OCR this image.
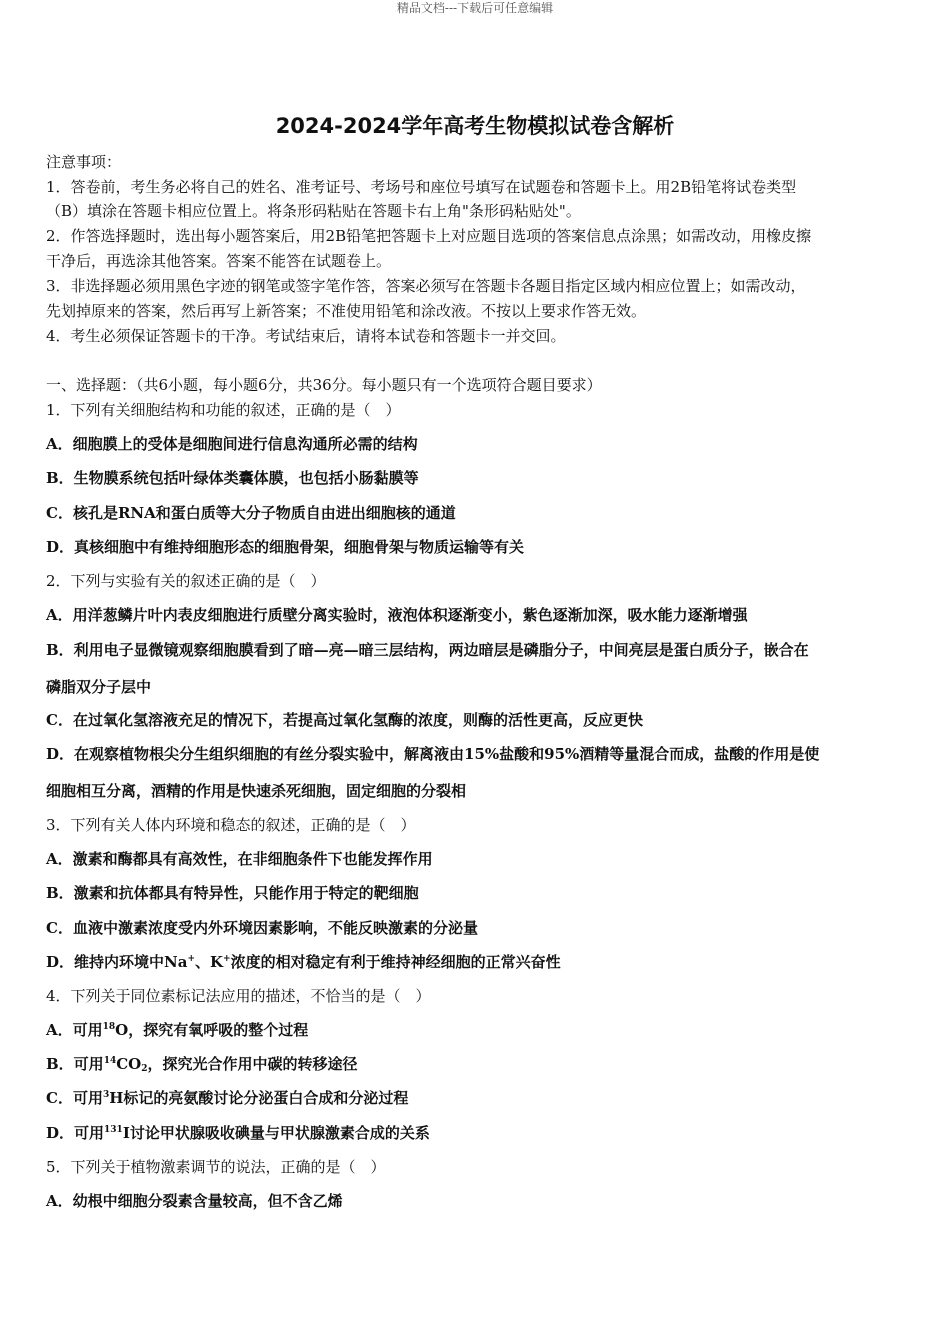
精品文档---下载后可任意编辑
2024-2024学年高考生物模拟试卷含解析
注意事项：
1．答卷前，考生务必将自己的姓名、准考证号、考场号和座位号填写在试题卷和答题卡上。用2B铅笔将试卷类型
（B）填涂在答题卡相应位置上。将条形码粘贴在答题卡右上角"条形码粘贴处"。
2．作答选择题时，选出每小题答案后，用2B铅笔把答题卡上对应题目选项的答案信息点涂黑；如需改动，用橡皮擦
干净后，再选涂其他答案。答案不能答在试题卷上。
3．非选择题必须用黑色字迹的钢笔或签字笔作答，答案必须写在答题卡各题目指定区域内相应位置上；如需改动，
先划掉原来的答案，然后再写上新答案；不准使用铅笔和涂改液。不按以上要求作答无效。
4．考生必须保证答题卡的干净。考试结束后，请将本试卷和答题卡一并交回。
一、选择题：（共6小题，每小题6分，共36分。每小题只有一个选项符合题目要求）
1．下列有关细胞结构和功能的叙述，正确的是（　）
A．细胞膜上的受体是细胞间进行信息沟通所必需的结构
B．生物膜系统包括叶绿体类囊体膜，也包括小肠黏膜等
C．核孔是RNA和蛋白质等大分子物质自由进出细胞核的通道
D．真核细胞中有维持细胞形态的细胞骨架，细胞骨架与物质运输等有关
2．下列与实验有关的叙述正确的是（　）
A．用洋葱鳞片叶内表皮细胞进行质壁分离实验时，液泡体积逐渐变小，紫色逐渐加深，吸水能力逐渐增强
B．利用电子显微镜观察细胞膜看到了暗—亮—暗三层结构，两边暗层是磷脂分子，中间亮层是蛋白质分子，嵌合在
磷脂双分子层中
C．在过氧化氢溶液充足的情况下，若提高过氧化氢酶的浓度，则酶的活性更高，反应更快
D．在观察植物根尖分生组织细胞的有丝分裂实验中，解离液由15%盐酸和95%酒精等量混合而成，盐酸的作用是使
细胞相互分离，酒精的作用是快速杀死细胞，固定细胞的分裂相
3．下列有关人体内环境和稳态的叙述，正确的是（　）
A．激素和酶都具有高效性，在非细胞条件下也能发挥作用
B．激素和抗体都具有特异性，只能作用于特定的靶细胞
C．血液中激素浓度受内外环境因素影响，不能反映激素的分泌量
D．维持内环境中Na+、K+浓度的相对稳定有利于维持神经细胞的正常兴奋性
4．下列关于同位素标记法应用的描述，不恰当的是（　）
A．可用$^{18}$O，探究有氧呼吸的整个过程
B．可用$^{14}CO_2$，探究光合作用中碳的转移途径
C．可用$^3$H标记的亮氨酸讨论分泌蛋白合成和分泌过程
D．可用$^{131}$I讨论甲状腺吸收碘量与甲状腺激素合成的关系
5．下列关于植物激素调节的说法，正确的是（　）
A．幼根中细胞分裂素含量较高，但不含乙烯
